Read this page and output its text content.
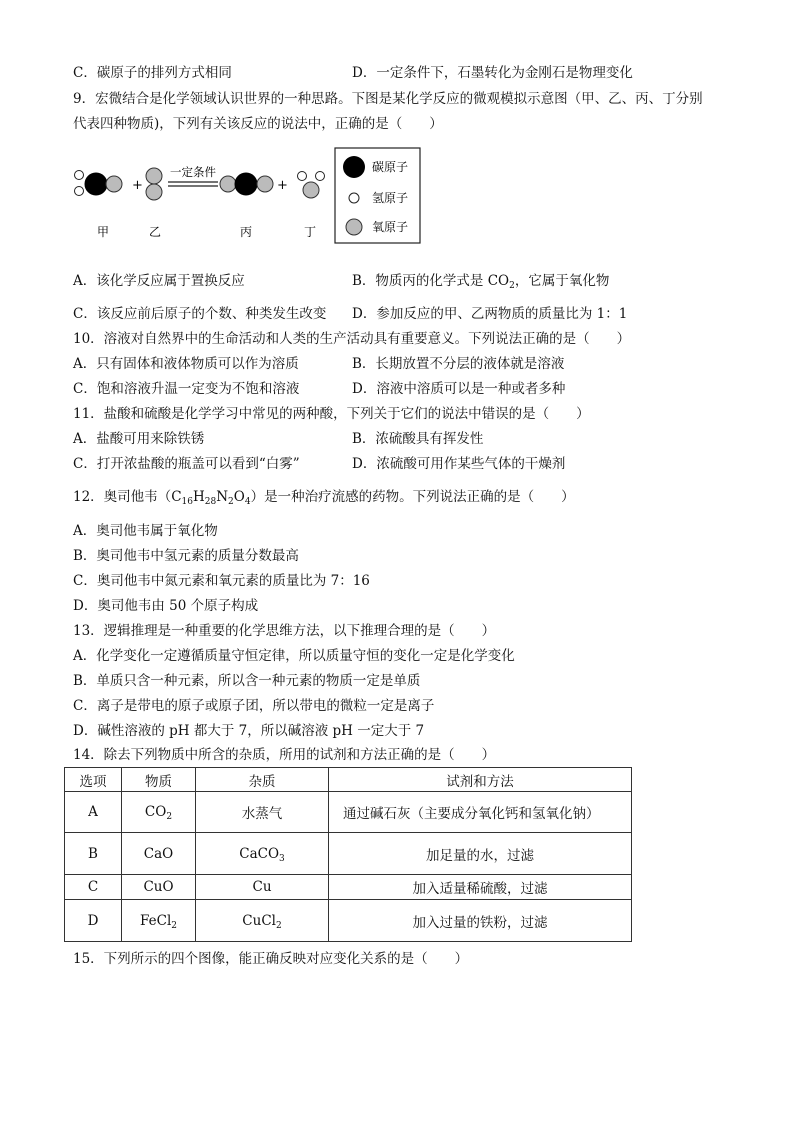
C．碳原子的排列方式相同	D．一定条件下，石墨转化为金刚石是物理变化
9．宏微结合是化学领域认识世界的一种思路。下图是某化学反应的微观模拟示意图（甲、乙、丙、丁分别
代表四种物质)，下列有关该反应的说法中，正确的是（　　）
+
一定条件
+
甲	乙	丙	丁
碳原子
氢原子
氧原子
A．该化学反应属于置换反应	B．物质丙的化学式是 $CO_2$，它属于氧化物
C．该反应前后原子的个数、种类发生改变 D．参加反应的甲、乙两物质的质量比为 1：1
10．溶液对自然界中的生命活动和人类的生产活动具有重要意义。下列说法正确的是（　　）
A．只有固体和液体物质可以作为溶质	B．长期放置不分层的液体就是溶液
C．饱和溶液升温一定变为不饱和溶液	D．溶液中溶质可以是一种或者多种
11．盐酸和硫酸是化学学习中常见的两种酸，下列关于它们的说法中错误的是（　　）
A．盐酸可用来除铁锈	B．浓硫酸具有挥发性
C．打开浓盐酸的瓶盖可以看到“白雾”	D．浓硫酸可用作某些气体的干燥剂
12．奥司他韦$(C_{16}H_{28}N_2O_4)$是一种治疗流感的药物。下列说法正确的是（　　）
A．奥司他韦属于氧化物
B．奥司他韦中氢元素的质量分数最高
C．奥司他韦中氮元素和氧元素的质量比为 7：16
D．奥司他韦由 50 个原子构成
13．逻辑推理是一种重要的化学思维方法，以下推理合理的是（　　）
A．化学变化一定遵循质量守恒定律，所以质量守恒的变化一定是化学变化
B．单质只含一种元素，所以含一种元素的物质一定是单质
C．离子是带电的原子或原子团，所以带电的微粒一定是离子
D．碱性溶液的 pH 都大于 7，所以碱溶液 pH 一定大于 7
14．除去下列物质中所含的杂质，所用的试剂和方法正确的是（　　）
选项	物质	杂质	试剂和方法
A	$CO_2$	水蒸气	通过碱石灰（主要成分氧化钙和氢氧化钠）
B	CaO	CaCO$_3$	加足量的水，过滤
C	CuO	Cu	加入适量稀硫酸，过滤
D	FeCl$_2$	CuCl$_2$	加入过量的铁粉，过滤
15．下列所示的四个图像，能正确反映对应变化关系的是（　　）
